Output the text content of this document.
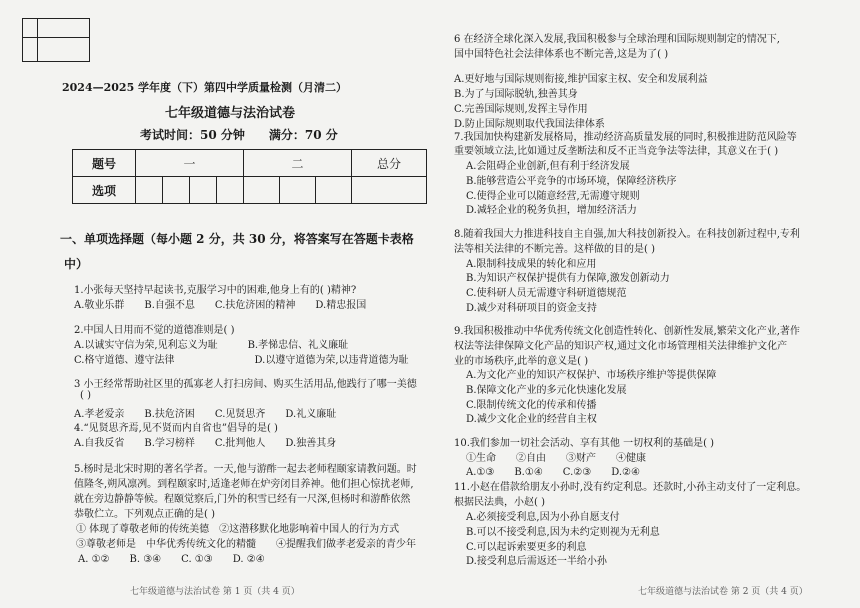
2024—2025 学年度（下）第四中学质量检测（月清二）
七年级道德与法治试卷
考试时间：50 分钟　　满分：70 分
题号	一				二			总分
选项								
一、单项选择题（每小题 2 分，共 30 分，将答案写在答题卡表格
中）
1.小张每天坚持早起读书,克服学习中的困难,他身上有的( )精神?
A.敬业乐群　　B.自强不息　　C.扶危济困的精神　　D.精忠报国
2.中国人日用而不觉的道德准则是( )
A.以诚实守信为荣,见利忘义为耻　　　B.孝悌忠信、礼义廉耻
C.格守道德、遵守法律　　　　　　　　D.以遵守道德为荣,以违背道德为耻
3 小王经常帮助社区里的孤寡老人打扫房间、购买生活用品,他践行了哪一美德
( )
A.孝老爱亲　　B.扶危济困　　C.见贤思齐　　D.礼义廉耻
4.“见贤思齐焉,见不贤而内自省也”倡导的是( )
A.自我反省　　B.学习榜样　　C.批判他人　　D.独善其身
5.杨时是北宋时期的著名学者。一天,他与游酢一起去老师程颐家请教问题。时
值隆冬,朔风凛冽。到程颐家时,适逢老师在炉旁闭目养神。他们担心惊扰老师,
就在旁边静静等候。程颐觉察后,门外的积雪已经有一尺深,但杨时和游酢依然
恭敬伫立。下列观点正确的是( )
① 体现了尊敬老师的传统美德　②这潜移默化地影响着中国人的行为方式
③尊敬老师是　中华优秀传统文化的精髓　　④提醒我们做孝老爱亲的青少年
A. ①②　　B. ③④　　C. ①③　　D. ②④
七年级道德与法治试卷 第 1 页（共 4 页）
6 在经济全球化深入发展,我国积极参与全球治理和国际规则制定的情况下,
国中国特色社会法律体系也不断完善,这是为了( )
A.更好地与国际规则衔接,维护国家主权、安全和发展利益
B.为了与国际脱轨,独善其身
C.完善国际规则,发挥主导作用
D.防止国际规则取代我国法律体系
7.我国加快构建新发展格局，推动经济高质量发展的同时,积极推进防范风险等
重要领域立法,比如通过反垄断法和反不正当竞争法等法律，其意义在于( )
A.会阻碍企业创新,但有利于经济发展
B.能够营造公平竞争的市场环境，保障经济秩序
C.使得企业可以随意经营,无需遵守规则
D.减轻企业的税务负担，增加经济活力
8.随着我国大力推进科技自主自强,加大科技创新投入。在科技创新过程中,专利
法等相关法律的不断完善。这样做的目的是( )
A.限制科技成果的转化和应用
B.为知识产权保护提供有力保障,激发创新动力
C.使科研人员无需遵守科研道德规范
D.减少对科研项目的资金支持
9.我国积极推动中华优秀传统文化创造性转化、创新性发展,繁荣文化产业,著作
权法等法律保障文化产品的知识产权,通过文化市场管理相关法律维护文化产
业的市场秩序,此举的意义是( )
A.为文化产业的知识产权保护、市场秩序维护等提供保障
B.保障文化产业的多元化快速化发展
C.限制传统文化的传承和传播
D.减少文化企业的经营自主权
10.我们参加一切社会活动、享有其他 一切权利的基础是( )
①生命　　②自由　　③财产　　④健康
A.①③　　B.①④　　C.②③　　D.②④
11.小赵在借款给朋友小孙时,没有约定利息。还款时,小孙主动支付了一定利息。
根据民法典，小赵( )
A.必须接受利息,因为小孙自愿支付
B.可以不接受利息,因为未约定则视为无利息
C.可以起诉索要更多的利息
D.接受利息后需返还一半给小孙
七年级道德与法治试卷 第 2 页（共 4 页）
